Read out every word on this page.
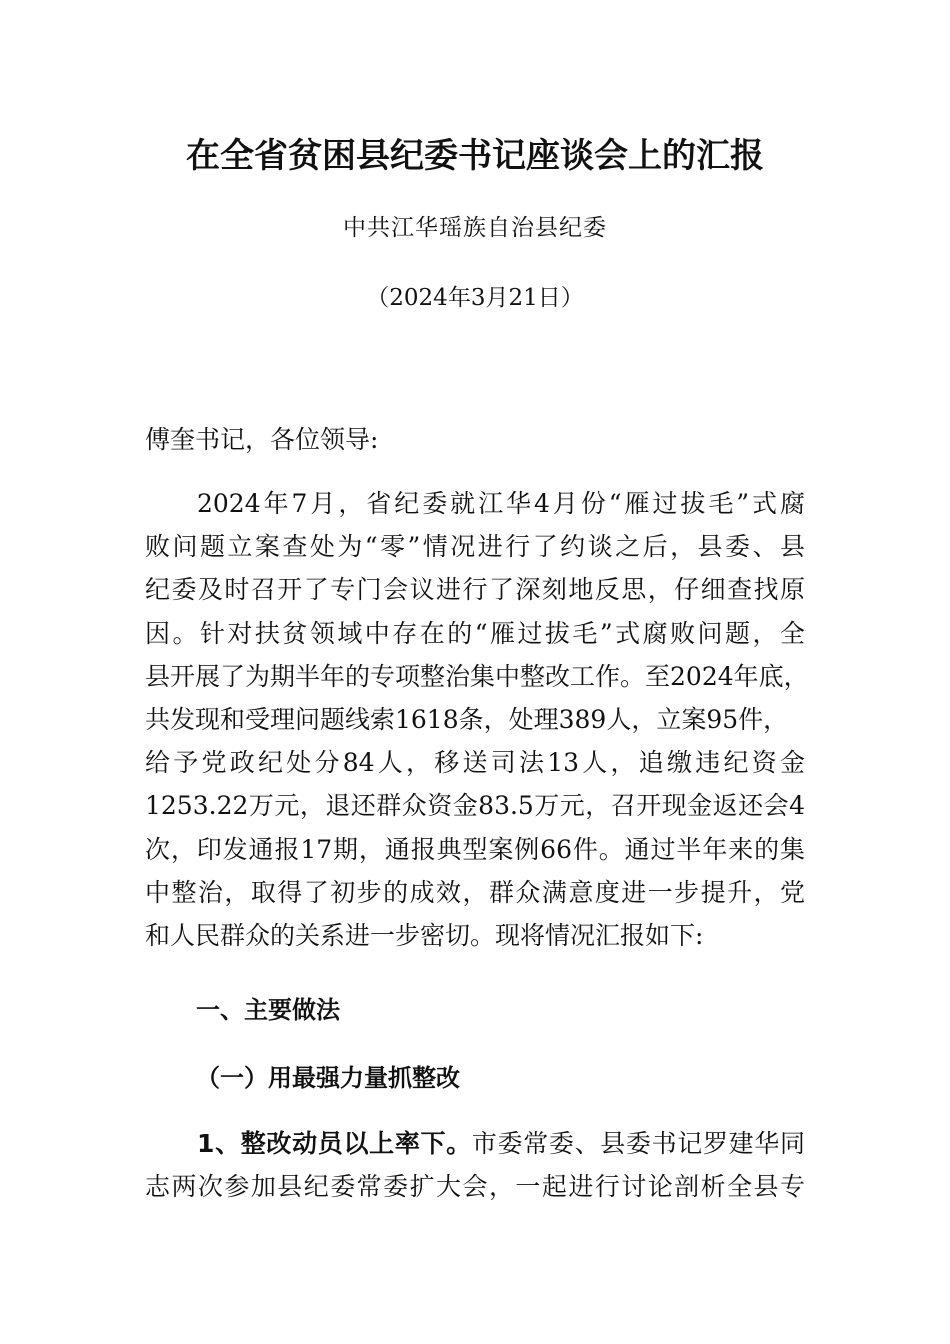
在全省贫困县纪委书记座谈会上的汇报

中共江华瑶族自治县纪委

（2024年3月21日）

傅奎书记，各位领导:

2024年7月，省纪委就江华4月份“雁过拔毛”式腐
败问题立案查处为“零”情况进行了约谈之后，县委、县
纪委及时召开了专门会议进行了深刻地反思，仔细查找原
因。针对扶贫领域中存在的“雁过拔毛”式腐败问题，全
县开展了为期半年的专项整治集中整改工作。至2024年底，
共发现和受理问题线索1618条，处理389人，立案95件，
给予党政纪处分84人，移送司法13人，追缴违纪资金
1253.22万元，退还群众资金83.5万元，召开现金返还会4
次，印发通报17期，通报典型案例66件。通过半年来的集
中整治，取得了初步的成效，群众满意度进一步提升，党
和人民群众的关系进一步密切。现将情况汇报如下:
一、主要做法
（一）用最强力量抓整改
1、整改动员以上率下。市委常委、县委书记罗建华同
志两次参加县纪委常委扩大会，一起进行讨论剖析全县专
